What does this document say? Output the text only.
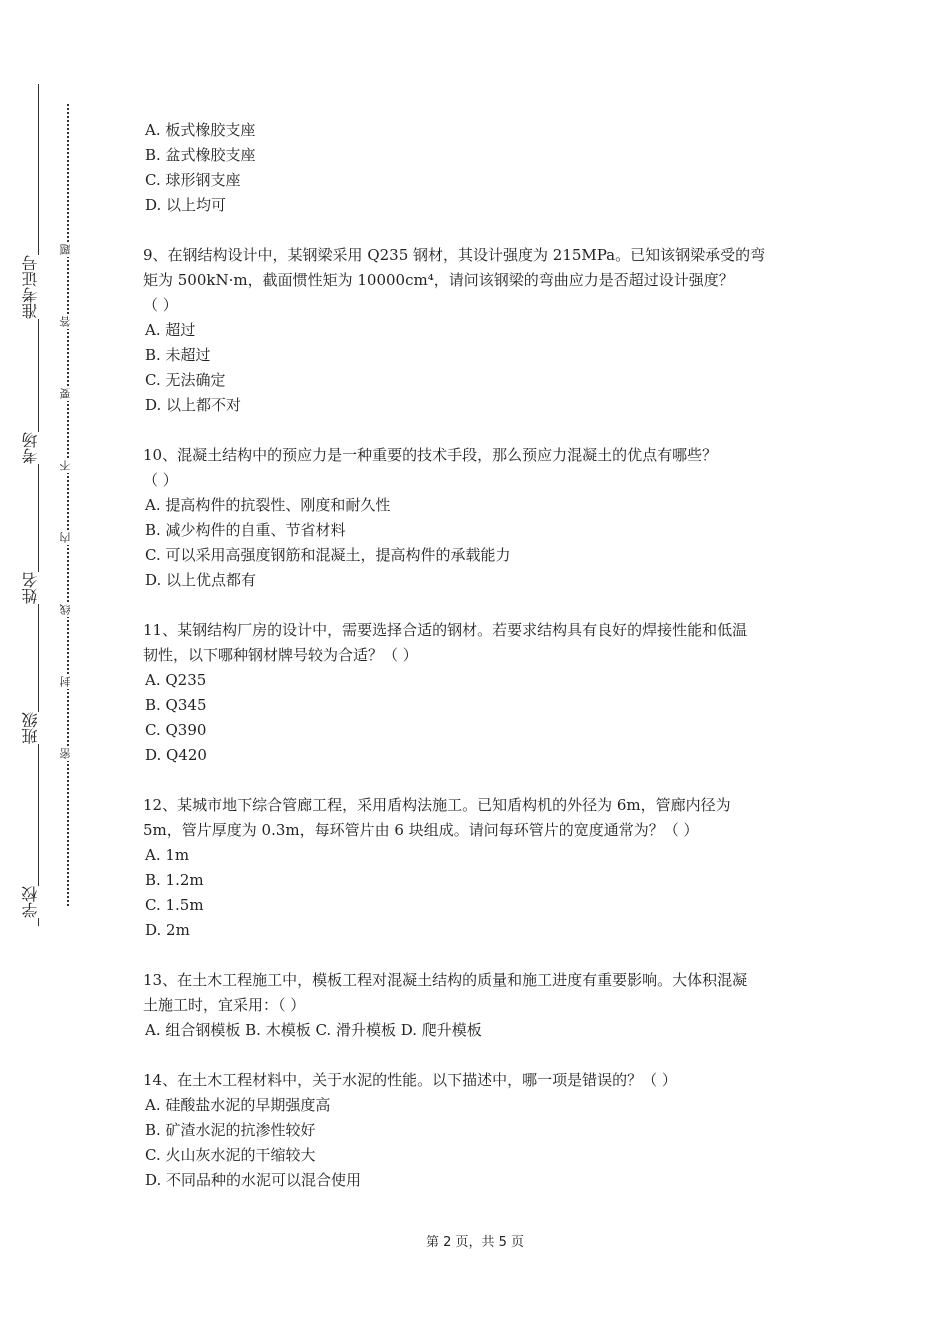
准考证号
考场
姓名
班级
学校
题
答
要
不
内
线
封
密
A. 板式橡胶支座
B. 盆式橡胶支座
C. 球形钢支座
D. 以上均可
9、在钢结构设计中，某钢梁采用 Q235 钢材，其设计强度为 215MPa。已知该钢梁承受的弯
矩为 500kN·m，截面惯性矩为 10000cm⁴，请问该钢梁的弯曲应力是否超过设计强度？
（ ）
A. 超过
B. 未超过
C. 无法确定
D. 以上都不对
10、混凝土结构中的预应力是一种重要的技术手段，那么预应力混凝土的优点有哪些？
（ ）
A. 提高构件的抗裂性、刚度和耐久性
B. 减少构件的自重、节省材料
C. 可以采用高强度钢筋和混凝土，提高构件的承载能力
D. 以上优点都有
11、某钢结构厂房的设计中，需要选择合适的钢材。若要求结构具有良好的焊接性能和低温
韧性，以下哪种钢材牌号较为合适？（ ）
A. Q235
B. Q345
C. Q390
D. Q420
12、某城市地下综合管廊工程，采用盾构法施工。已知盾构机的外径为 6m，管廊内径为
5m，管片厚度为 0.3m，每环管片由 6 块组成。请问每环管片的宽度通常为？（ ）
A. 1m
B. 1.2m
C. 1.5m
D. 2m
13、在土木工程施工中，模板工程对混凝土结构的质量和施工进度有重要影响。大体积混凝
土施工时，宜采用：（ ）
A. 组合钢模板 B. 木模板 C. 滑升模板 D. 爬升模板
14、在土木工程材料中，关于水泥的性能。以下描述中，哪一项是错误的？（ ）
A. 硅酸盐水泥的早期强度高
B. 矿渣水泥的抗渗性较好
C. 火山灰水泥的干缩较大
D. 不同品种的水泥可以混合使用
第 2 页，共 5 页
